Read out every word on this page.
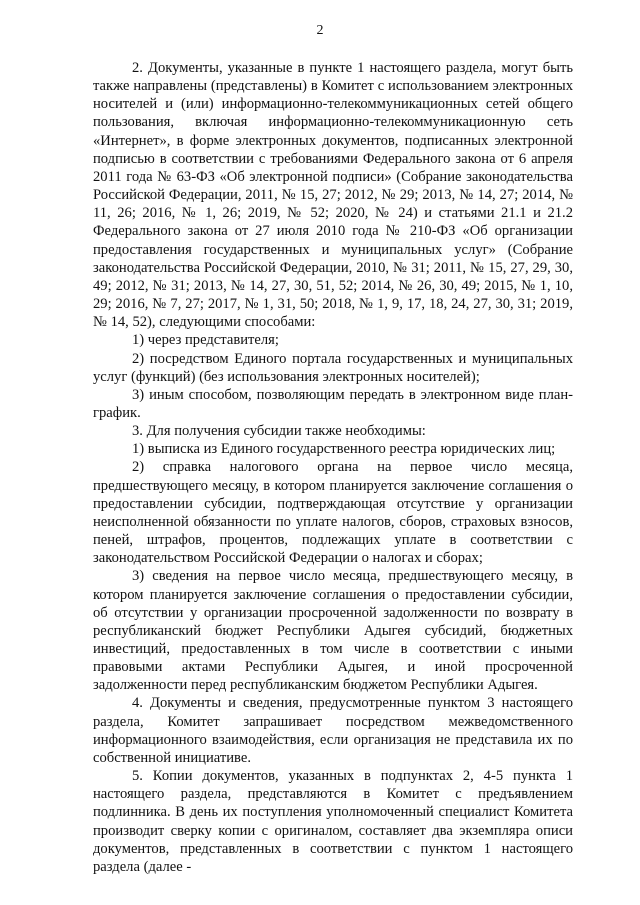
2

2. Документы, указанные в пункте 1 настоящего раздела, могут быть также направлены (представлены) в Комитет с использованием электронных носителей и (или) информационно-телекоммуникационных сетей общего пользования, включая информационно-телекоммуникационную сеть «Интернет», в форме электронных документов, подписанных электронной подписью в соответствии с требованиями Федерального закона от 6 апреля 2011 года № 63-ФЗ «Об электронной подписи» (Собрание законодательства Российской Федерации, 2011, № 15, 27; 2012, № 29; 2013, № 14, 27; 2014, № 11, 26; 2016, № 1, 26; 2019, № 52; 2020, № 24) и статьями 21.1 и 21.2 Федерального закона от 27 июля 2010 года № 210-ФЗ «Об организации предоставления государственных и муниципальных услуг» (Собрание законодательства Российской Федерации, 2010, № 31; 2011, № 15, 27, 29, 30, 49; 2012, № 31; 2013, № 14, 27, 30, 51, 52; 2014, № 26, 30, 49; 2015, № 1, 10, 29; 2016, № 7, 27; 2017, № 1, 31, 50; 2018, № 1, 9, 17, 18, 24, 27, 30, 31; 2019, № 14, 52), следующими способами:

1) через представителя;

2) посредством Единого портала государственных и муниципальных услуг (функций) (без использования электронных носителей);

3) иным способом, позволяющим передать в электронном виде план-график.

3. Для получения субсидии также необходимы:

1) выписка из Единого государственного реестра юридических лиц;

2) справка налогового органа на первое число месяца, предшествующего месяцу, в котором планируется заключение соглашения о предоставлении субсидии, подтверждающая отсутствие у организации неисполненной обязанности по уплате налогов, сборов, страховых взносов, пеней, штрафов, процентов, подлежащих уплате в соответствии с законодательством Российской Федерации о налогах и сборах;

3) сведения на первое число месяца, предшествующего месяцу, в котором планируется заключение соглашения о предоставлении субсидии, об отсутствии у организации просроченной задолженности по возврату в республиканский бюджет Республики Адыгея субсидий, бюджетных инвестиций, предоставленных в том числе в соответствии с иными правовыми актами Республики Адыгея, и иной просроченной задолженности перед республиканским бюджетом Республики Адыгея.

4. Документы и сведения, предусмотренные пунктом 3 настоящего раздела, Комитет запрашивает посредством межведомственного информационного взаимодействия, если организация не представила их по собственной инициативе.

5. Копии документов, указанных в подпунктах 2, 4-5 пункта 1 настоящего раздела, представляются в Комитет с предъявлением подлинника. В день их поступления уполномоченный специалист Комитета производит сверку копии с оригиналом, составляет два экземпляра описи документов, представленных в соответствии с пунктом 1 настоящего раздела (далее -
